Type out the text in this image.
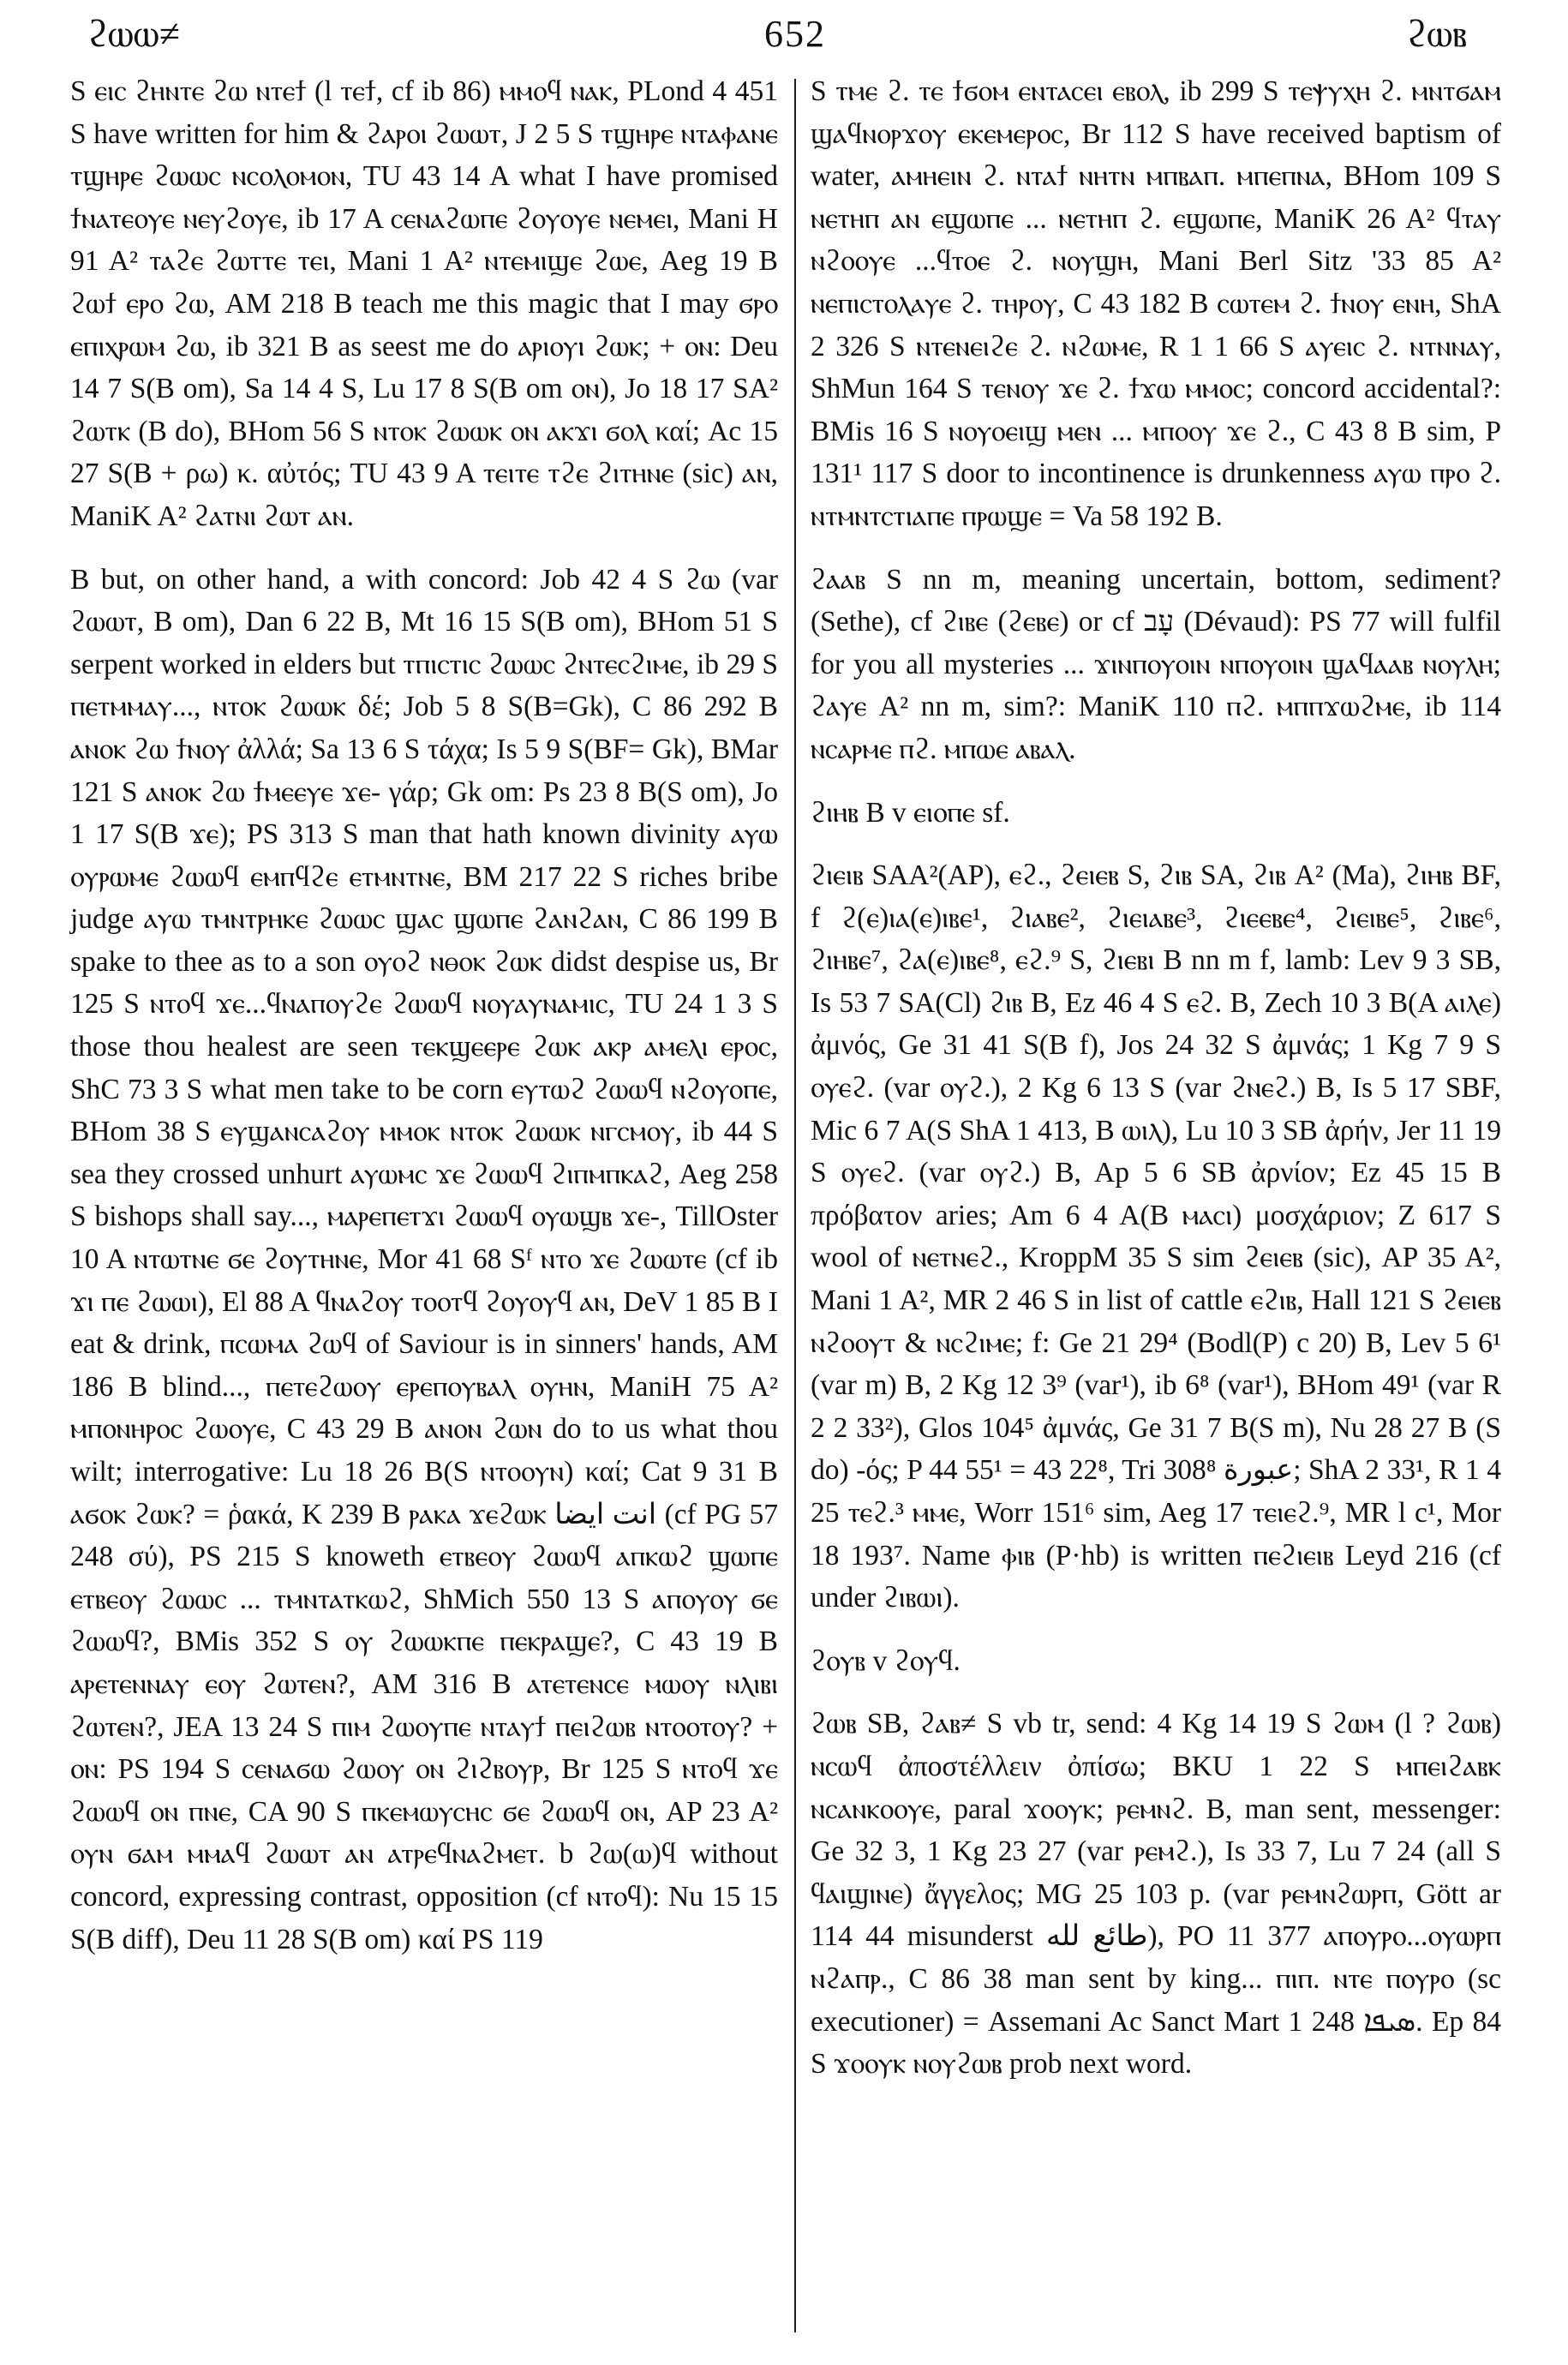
ϩⲱⲱ≠	652	ϩⲱⲃ

S ⲉⲓⲥ ϩⲏⲛⲧⲉ ϩⲱ ⲛⲧⲉϯ (l ⲧⲉϯ, cf ib 86) ⲙⲙⲟϥ ⲛⲁⲕ, PLond 4 451 S have written for him & ϩⲁⲣⲟⲓ ϩⲱⲱⲧ, J 2 5 S ⲧϣⲏⲣⲉ ⲛⲧⲁⲫⲁⲛⲉ ⲧϣⲏⲣⲉ ϩⲱⲱⲥ ⲛⲥⲟⲗⲟⲙⲟⲛ, TU 43 14 A what I have promised ϯⲛⲁⲧⲉⲟⲩⲉ ⲛⲉⲩϩⲟⲩⲉ, ib 17 A ⲥⲉⲛⲁϩⲱⲡⲉ ϩⲟⲩⲟⲩⲉ ⲛⲉⲙⲉⲓ, Mani H 91 A² ⲧⲁϩⲉ ϩⲱⲧⲧⲉ ⲧⲉⲓ, Mani 1 A² ⲛⲧⲉⲙⲓϣⲉ ϩⲱⲉ, Aeg 19 B ϩⲱϯ ⲉⲣⲟ ϩⲱ, AM 218 B teach me this magic that I may ϭⲣⲟ ⲉⲡⲓⲭⲣⲱⲙ ϩⲱ, ib 321 B as seest me do ⲁⲣⲓⲟⲩⲓ ϩⲱⲕ; + ⲟⲛ: Deu 14 7 S(B om), Sa 14 4 S, Lu 17 8 S(B om ⲟⲛ), Jo 18 17 SA² ϩⲱⲧⲕ (B do), BHom 56 S ⲛⲧⲟⲕ ϩⲱⲱⲕ ⲟⲛ ⲁⲕϫⲓ ϭⲟⲗ καί; Ac 15 27 S(B + ρω) κ. αὐτός; TU 43 9 A ⲧⲉⲓⲧⲉ ⲧϩⲉ ϩⲓⲧⲏⲛⲉ (sic) ⲁⲛ, ManiK A² ϩⲁⲧⲛⲓ ϩⲱⲧ ⲁⲛ.

B but, on other hand, a with concord: Job 42 4 S ϩⲱ (var ϩⲱⲱⲧ, B om), Dan 6 22 B, Mt 16 15 S(B om), BHom 51 S serpent worked in elders but ⲧⲡⲓⲥⲧⲓⲥ ϩⲱⲱⲥ ϩⲛⲧⲉⲥϩⲓⲙⲉ, ib 29 S ⲡⲉⲧⲙⲙⲁⲩ..., ⲛⲧⲟⲕ ϩⲱⲱⲕ δέ; Job 5 8 S(B=Gk), C 86 292 B ⲁⲛⲟⲕ ϩⲱ ϯⲛⲟⲩ ἀλλά; Sa 13 6 S τάχα; Is 5 9 S(BF= Gk), BMar 121 S ⲁⲛⲟⲕ ϩⲱ ϯⲙⲉⲉⲩⲉ ϫⲉ- γάρ; Gk om: Ps 23 8 B(S om), Jo 1 17 S(B ϫⲉ); PS 313 S man that hath known divinity ⲁⲩⲱ ⲟⲩⲣⲱⲙⲉ ϩⲱⲱϥ ⲉⲙⲡϥϩⲉ ⲉⲧⲙⲛⲧⲛⲉ, BM 217 22 S riches bribe judge ⲁⲩⲱ ⲧⲙⲛⲧⲣⲏⲕⲉ ϩⲱⲱⲥ ϣⲁⲥ ϣⲱⲡⲉ ϩⲁⲛϩⲁⲛ, C 86 199 B spake to thee as to a son ⲟⲩⲟϩ ⲛⲑⲟⲕ ϩⲱⲕ didst despise us, Br 125 S ⲛⲧⲟϥ ϫⲉ...ϥⲛⲁⲡⲟⲩϩⲉ ϩⲱⲱϥ ⲛⲟⲩⲁⲩⲛⲁⲙⲓⲥ, TU 24 1 3 S those thou healest are seen ⲧⲉⲕϣⲉⲉⲣⲉ ϩⲱⲕ ⲁⲕⲣ ⲁⲙⲉⲗⲓ ⲉⲣⲟⲥ, ShC 73 3 S what men take to be corn ⲉⲩⲧⲱϩ ϩⲱⲱϥ ⲛϩⲟⲩⲟⲡⲉ, BHom 38 S ⲉⲩϣⲁⲛⲥⲁϩⲟⲩ ⲙⲙⲟⲕ ⲛⲧⲟⲕ ϩⲱⲱⲕ ⲛⲅⲥⲙⲟⲩ, ib 44 S sea they crossed unhurt ⲁⲩⲱⲙⲥ ϫⲉ ϩⲱⲱϥ ϩⲓⲡⲙⲡⲕⲁϩ, Aeg 258 S bishops shall say..., ⲙⲁⲣⲉⲡⲉⲧϫⲓ ϩⲱⲱϥ ⲟⲩⲱϣⲃ ϫⲉ-, TillOster 10 A ⲛⲧⲱⲧⲛⲉ ϭⲉ ϩⲟⲩⲧⲏⲛⲉ, Mor 41 68 Sᶠ ⲛⲧⲟ ϫⲉ ϩⲱⲱⲧⲉ (cf ib ϫⲓ ⲡⲉ ϩⲱⲱⲓ), El 88 A ϥⲛⲁϩⲟⲩ ⲧⲟⲟⲧϥ ϩⲟⲩⲟⲩϥ ⲁⲛ, DeV 1 85 B I eat & drink, ⲡⲥⲱⲙⲁ ϩⲱϥ of Saviour is in sinners' hands, AM 186 B blind..., ⲡⲉⲧⲉϩⲱⲟⲩ ⲉⲣⲉⲡⲟⲩⲃⲁⲗ ⲟⲩⲏⲛ, ManiH 75 A² ⲙⲡⲟⲛⲏⲣⲟⲥ ϩⲱⲟⲩⲉ, C 43 29 B ⲁⲛⲟⲛ ϩⲱⲛ do to us what thou wilt; interrogative: Lu 18 26 B(S ⲛⲧⲟⲟⲩⲛ) καί; Cat 9 31 B ⲁϭⲟⲕ ϩⲱⲕ? = ῥακά, K 239 B ⲣⲁⲕⲁ ϫⲉϩⲱⲕ انت ايضا (cf PG 57 248 σύ), PS 215 S knoweth ⲉⲧⲃⲉⲟⲩ ϩⲱⲱϥ ⲁⲡⲕⲱϩ ϣⲱⲡⲉ ⲉⲧⲃⲉⲟⲩ ϩⲱⲱⲥ ... ⲧⲙⲛⲧⲁⲧⲕⲱϩ, ShMich 550 13 S ⲁⲡⲟⲩⲟⲩ ϭⲉ ϩⲱⲱϥ?, BMis 352 S ⲟⲩ ϩⲱⲱⲕⲡⲉ ⲡⲉⲕⲣⲁϣⲉ?, C 43 19 B ⲁⲣⲉⲧⲉⲛⲛⲁⲩ ⲉⲟⲩ ϩⲱⲧⲉⲛ?, AM 316 B ⲁⲧⲉⲧⲉⲛⲥⲉ ⲙⲱⲟⲩ ⲛⲗⲓⲃⲓ ϩⲱⲧⲉⲛ?, JEA 13 24 S ⲡⲓⲙ ϩⲱⲟⲩⲡⲉ ⲛⲧⲁⲩϯ ⲡⲉⲓϩⲱⲃ ⲛⲧⲟⲟⲧⲟⲩ? + ⲟⲛ: PS 194 S ⲥⲉⲛⲁϭⲱ ϩⲱⲟⲩ ⲟⲛ ϩⲓϩⲃⲟⲩⲣ, Br 125 S ⲛⲧⲟϥ ϫⲉ ϩⲱⲱϥ ⲟⲛ ⲡⲛⲉ, CA 90 S ⲡⲕⲉⲙⲱⲩⲥⲏⲥ ϭⲉ ϩⲱⲱϥ ⲟⲛ, AP 23 A² ⲟⲩⲛ ϭⲁⲙ ⲙⲙⲁϥ ϩⲱⲱⲧ ⲁⲛ ⲁⲧⲣⲉϥⲛⲁϩⲙⲉⲧ. b ϩⲱ(ⲱ)ϥ without concord, expressing contrast, opposition (cf ⲛⲧⲟϥ): Nu 15 15 S(B diff), Deu 11 28 S(B om) καί PS 119

S ⲧⲙⲉ ϩ. ⲧⲉ ϯϭⲟⲙ ⲉⲛⲧⲁⲥⲉⲓ ⲉⲃⲟⲗ, ib 299 S ⲧⲉⲯⲩⲭⲏ ϩ. ⲙⲛⲧϭⲁⲙ ϣⲁϥⲛⲟⲣϫⲟⲩ ⲉⲕⲉⲙⲉⲣⲟⲥ, Br 112 S have received baptism of water, ⲁⲙⲏⲉⲓⲛ ϩ. ⲛⲧⲁϯ ⲛⲏⲧⲛ ⲙⲡⲃⲁⲡ. ⲙⲡⲉⲡⲛⲁ, BHom 109 S ⲛⲉⲧⲏⲡ ⲁⲛ ⲉϣⲱⲡⲉ ... ⲛⲉⲧⲏⲡ ϩ. ⲉϣⲱⲡⲉ, ManiK 26 A² ϥⲧⲁⲩ ⲛϩⲟⲟⲩⲉ ...ϥⲧⲟⲉ ϩ. ⲛⲟⲩϣⲏ, Mani Berl Sitz '33 85 A² ⲛⲉⲡⲓⲥⲧⲟⲗⲁⲩⲉ ϩ. ⲧⲏⲣⲟⲩ, C 43 182 B ⲥⲱⲧⲉⲙ ϩ. ϯⲛⲟⲩ ⲉⲛⲏ, ShA 2 326 S ⲛⲧⲉⲛⲉⲓϩⲉ ϩ. ⲛϩⲱⲙⲉ, R 1 1 66 S ⲁⲩⲉⲓⲥ ϩ. ⲛⲧⲛⲛⲁⲩ, ShMun 164 S ⲧⲉⲛⲟⲩ ϫⲉ ϩ. ϯϫⲱ ⲙⲙⲟⲥ; concord accidental?: BMis 16 S ⲛⲟⲩⲟⲉⲓϣ ⲙⲉⲛ ... ⲙⲡⲟⲟⲩ ϫⲉ ϩ., C 43 8 B sim, P 131¹ 117 S door to incontinence is drunkenness ⲁⲩⲱ ⲡⲣⲟ ϩ. ⲛⲧⲙⲛⲧⲥⲧⲓⲁⲡⲉ ⲡⲣⲱϣⲉ = Va 58 192 B.

ϩⲁⲁⲃ S nn m, meaning uncertain, bottom, sediment? (Sethe), cf ϩⲓⲃⲉ (ϩⲉⲃⲉ) or cf עָב (Dévaud): PS 77 will fulfil for you all mysteries ... ϫⲓⲛⲡⲟⲩⲟⲓⲛ ⲛⲡⲟⲩⲟⲓⲛ ϣⲁϥⲁⲁⲃ ⲛⲟⲩⲗⲏ; ϩⲁⲩⲉ A² nn m, sim?: ManiK 110 ⲡϩ. ⲙⲡⲡϫⲱϩⲙⲉ, ib 114 ⲛⲥⲁⲣⲙⲉ ⲡϩ. ⲙⲡⲱⲉ ⲁⲃⲁⲗ.

ϩⲓⲏⲃ B v ⲉⲓⲟⲡⲉ sf.

ϩⲓⲉⲓⲃ SAA²(AP), ⲉϩ., ϩⲉⲓⲉⲃ S, ϩⲓⲃ SA, ϩⲓⲃ A² (Ma), ϩⲓⲏⲃ BF, f ϩ(ⲉ)ⲓⲁ(ⲉ)ⲓⲃⲉ¹, ϩⲓⲁⲃⲉ², ϩⲓⲉⲓⲁⲃⲉ³, ϩⲓⲉⲉⲃⲉ⁴, ϩⲓⲉⲓⲃⲉ⁵, ϩⲓⲃⲉ⁶, ϩⲓⲏⲃⲉ⁷, ϩⲁ(ⲉ)ⲓⲃⲉ⁸, ⲉϩ.⁹ S, ϩⲓⲉⲃⲓ B nn m f, lamb: Lev 9 3 SB, Is 53 7 SA(Cl) ϩⲓⲃ B, Ez 46 4 S ⲉϩ. B, Zech 10 3 B(A ⲁⲓⲗⲉ) ἀμνός, Ge 31 41 S(B f), Jos 24 32 S ἀμνάς; 1 Kg 7 9 S ⲟⲩⲉϩ. (var ⲟⲩϩ.), 2 Kg 6 13 S (var ϩⲛⲉϩ.) B, Is 5 17 SBF, Mic 6 7 A(S ShA 1 413, B ⲱⲓⲗ), Lu 10 3 SB ἀρήν, Jer 11 19 S ⲟⲩⲉϩ. (var ⲟⲩϩ.) B, Ap 5 6 SB ἀρνίον; Ez 45 15 B πρόβατον aries; Am 6 4 A(B ⲙⲁⲥⲓ) μοσχάριον; Z 617 S wool of ⲛⲉⲧⲛⲉϩ., KroppM 35 S sim ϩⲉⲓⲉⲃ (sic), AP 35 A², Mani 1 A², MR 2 46 S in list of cattle ⲉϩⲓⲃ, Hall 121 S ϩⲉⲓⲉⲃ ⲛϩⲟⲟⲩⲧ & ⲛⲥϩⲓⲙⲉ; f: Ge 21 29⁴ (Bodl(P) c 20) B, Lev 5 6¹ (var m) B, 2 Kg 12 3⁹ (var¹), ib 6⁸ (var¹), BHom 49¹ (var R 2 2 33²), Glos 104⁵ ἀμνάς, Ge 31 7 B(S m), Nu 28 27 B (S do) -ός; P 44 55¹ = 43 22⁸, Tri 308⁸ عبورة; ShA 2 33¹, R 1 4 25 ⲧⲉϩ.³ ⲙⲙⲉ, Worr 151⁶ sim, Aeg 17 ⲧⲉⲓⲉϩ.⁹, MR l c¹, Mor 18 193⁷. Name ⲫⲓⲃ (P·hb) is written ⲡⲉϩⲓⲉⲓⲃ Leyd 216 (cf under ϩⲓⲃⲱⲓ).

ϩⲟⲩⲃ v ϩⲟⲩϥ.

ϩⲱⲃ SB, ϩⲁⲃ≠ S vb tr, send: 4 Kg 14 19 S ϩⲱⲙ (l ? ϩⲱⲃ) ⲛⲥⲱϥ ἀποστέλλειν ὀπίσω; BKU 1 22 S ⲙⲡⲉⲓϩⲁⲃⲕ ⲛⲥⲁⲛⲕⲟⲟⲩⲉ, paral ϫⲟⲟⲩⲕ; ⲣⲉⲙⲛϩ. B, man sent, messenger: Ge 32 3, 1 Kg 23 27 (var ⲣⲉⲙϩ.), Is 33 7, Lu 7 24 (all S ϥⲁⲓϣⲓⲛⲉ) ἄγγελος; MG 25 103 p. (var ⲣⲉⲙⲛϩⲱⲣⲡ, Gött ar 114 44 misunderst طائع لله), PO 11 377 ⲁⲡⲟⲩⲣⲟ...ⲟⲩⲱⲣⲡ ⲛϩⲁⲡⲣ., C 86 38 man sent by king... ⲡⲓⲡ. ⲛⲧⲉ ⲡⲟⲩⲣⲟ (sc executioner) = Assemani Ac Sanct Mart 1 248 ܣܝܦܐ. Ep 84 S ϫⲟⲟⲩⲕ ⲛⲟⲩϩⲱⲃ prob next word.
